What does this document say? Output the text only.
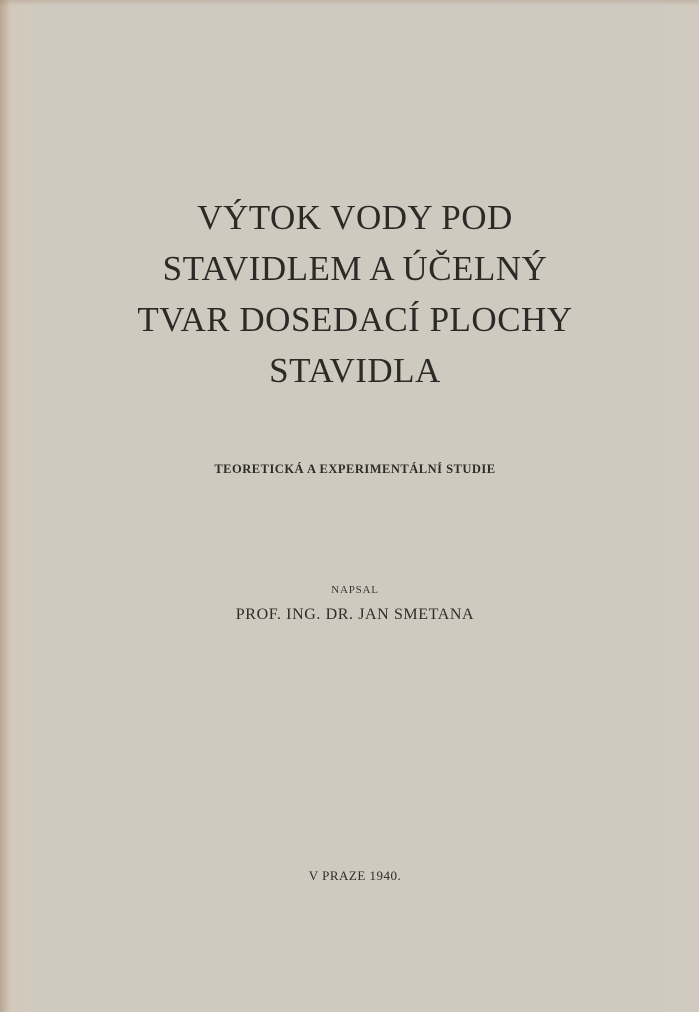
VÝTOK VODY POD
STAVIDLEM A ÚČELNÝ
TVAR DOSEDACÍ PLOCHY
STAVIDLA
TEORETICKÁ A EXPERIMENTÁLNÍ STUDIE
NAPSAL
PROF. ING. DR. JAN SMETANA
V PRAZE 1940.
